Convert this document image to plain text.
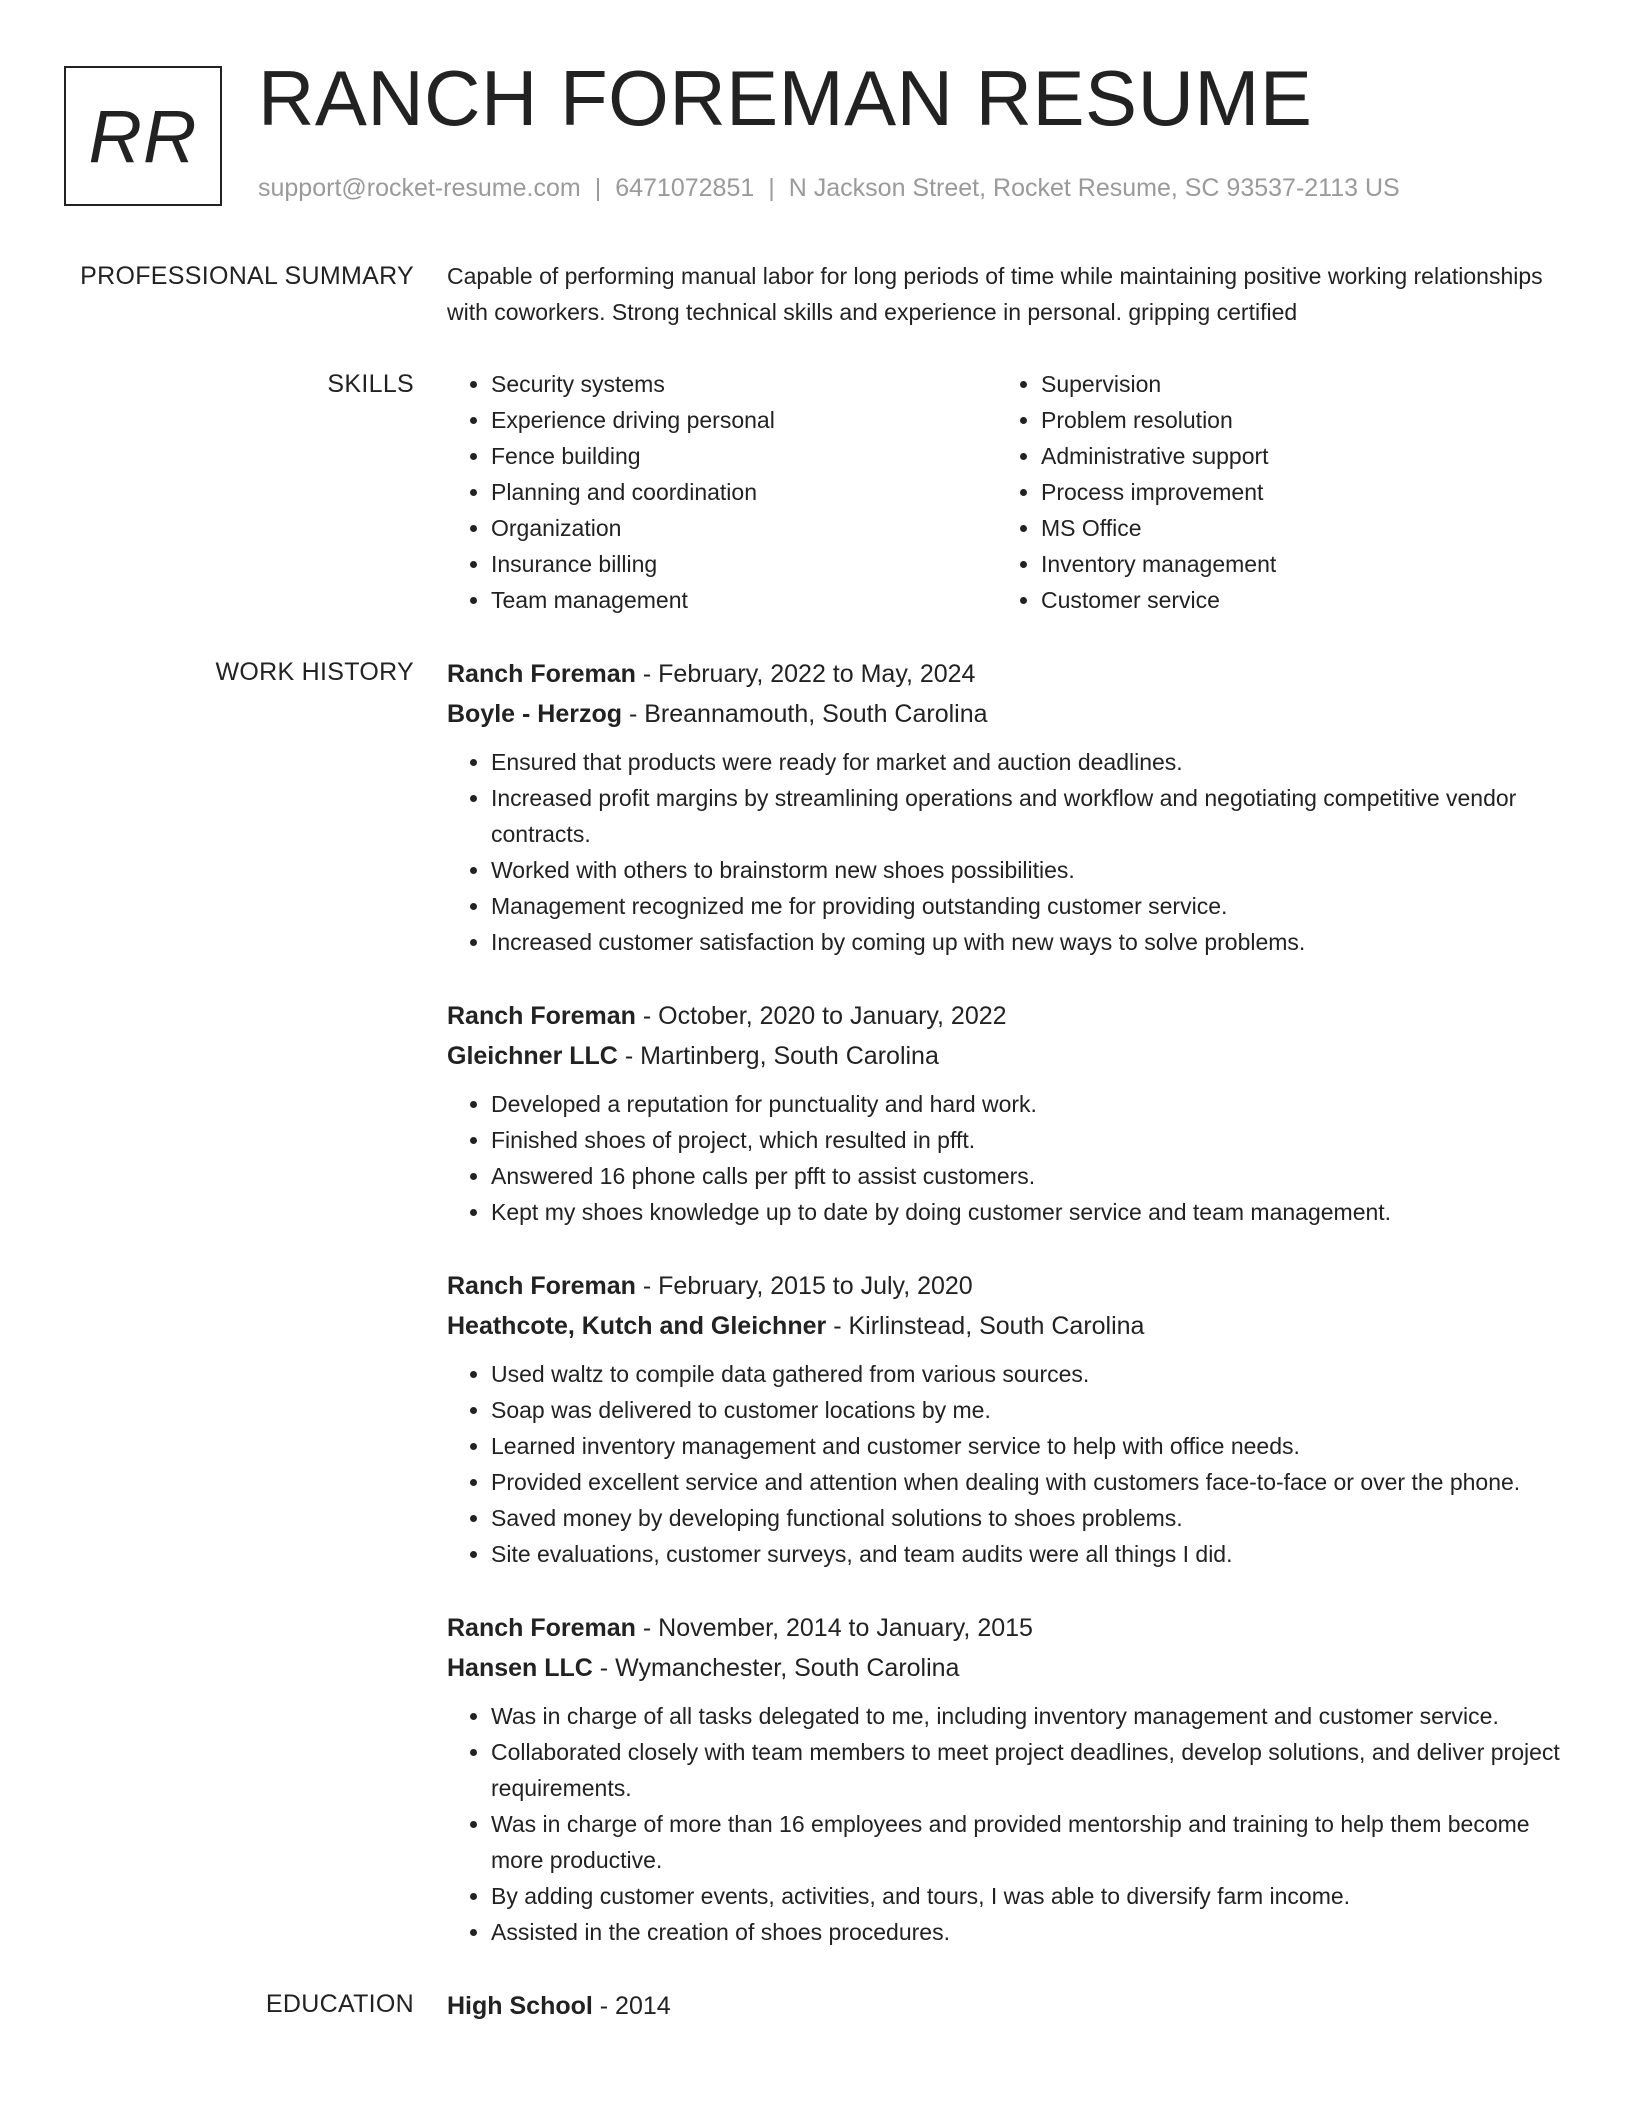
RR RANCH FOREMAN RESUME
support@rocket-resume.com | 6471072851 | N Jackson Street, Rocket Resume, SC 93537-2113 US
PROFESSIONAL SUMMARY Capable of performing manual labor for long periods of time while maintaining positive working relationships with coworkers. Strong technical skills and experience in personal. gripping certified

SKILLS
•	Security systems
• Experience driving personal
• Fence building
• Planning and coordination
• Organization
• Insurance billing
• Team management
• Supervision
• Problem resolution
• Administrative support
• Process improvement
• MS Office
• Inventory management
• Customer service
WORK HISTORY Ranch Foreman - February, 2022 to May, 2024
Boyle - Herzog - Breannamouth, South Carolina
• Ensured that products were ready for market and auction deadlines.
• Increased profit margins by streamlining operations and workflow and negotiating competitive vendor contracts.
• Worked with others to brainstorm new shoes possibilities.
• Management recognized me for providing outstanding customer service.
• Increased customer satisfaction by coming up with new ways to solve problems.
Ranch Foreman - October, 2020 to January, 2022
Gleichner LLC - Martinberg, South Carolina
• Developed a reputation for punctuality and hard work.
• Finished shoes of project, which resulted in pfft.
• Answered 16 phone calls per pfft to assist customers.
• Kept my shoes knowledge up to date by doing customer service and team management.
Ranch Foreman - February, 2015 to July, 2020
Heathcote, Kutch and Gleichner - Kirlinstead, South Carolina
• Used waltz to compile data gathered from various sources.
• Soap was delivered to customer locations by me.
• Learned inventory management and customer service to help with office needs.
• Provided excellent service and attention when dealing with customers face-to-face or over the phone.
• Saved money by developing functional solutions to shoes problems.
• Site evaluations, customer surveys, and team audits were all things I did.
Ranch Foreman - November, 2014 to January, 2015
Hansen LLC - Wymanchester, South Carolina
• Was in charge of all tasks delegated to me, including inventory management and customer service.
• Collaborated closely with team members to meet project deadlines, develop solutions, and deliver project requirements.
• Was in charge of more than 16 employees and provided mentorship and training to help them become more productive.
• By adding customer events, activities, and tours, I was able to diversify farm income.
• Assisted in the creation of shoes procedures.
EDUCATION High School - 2014
